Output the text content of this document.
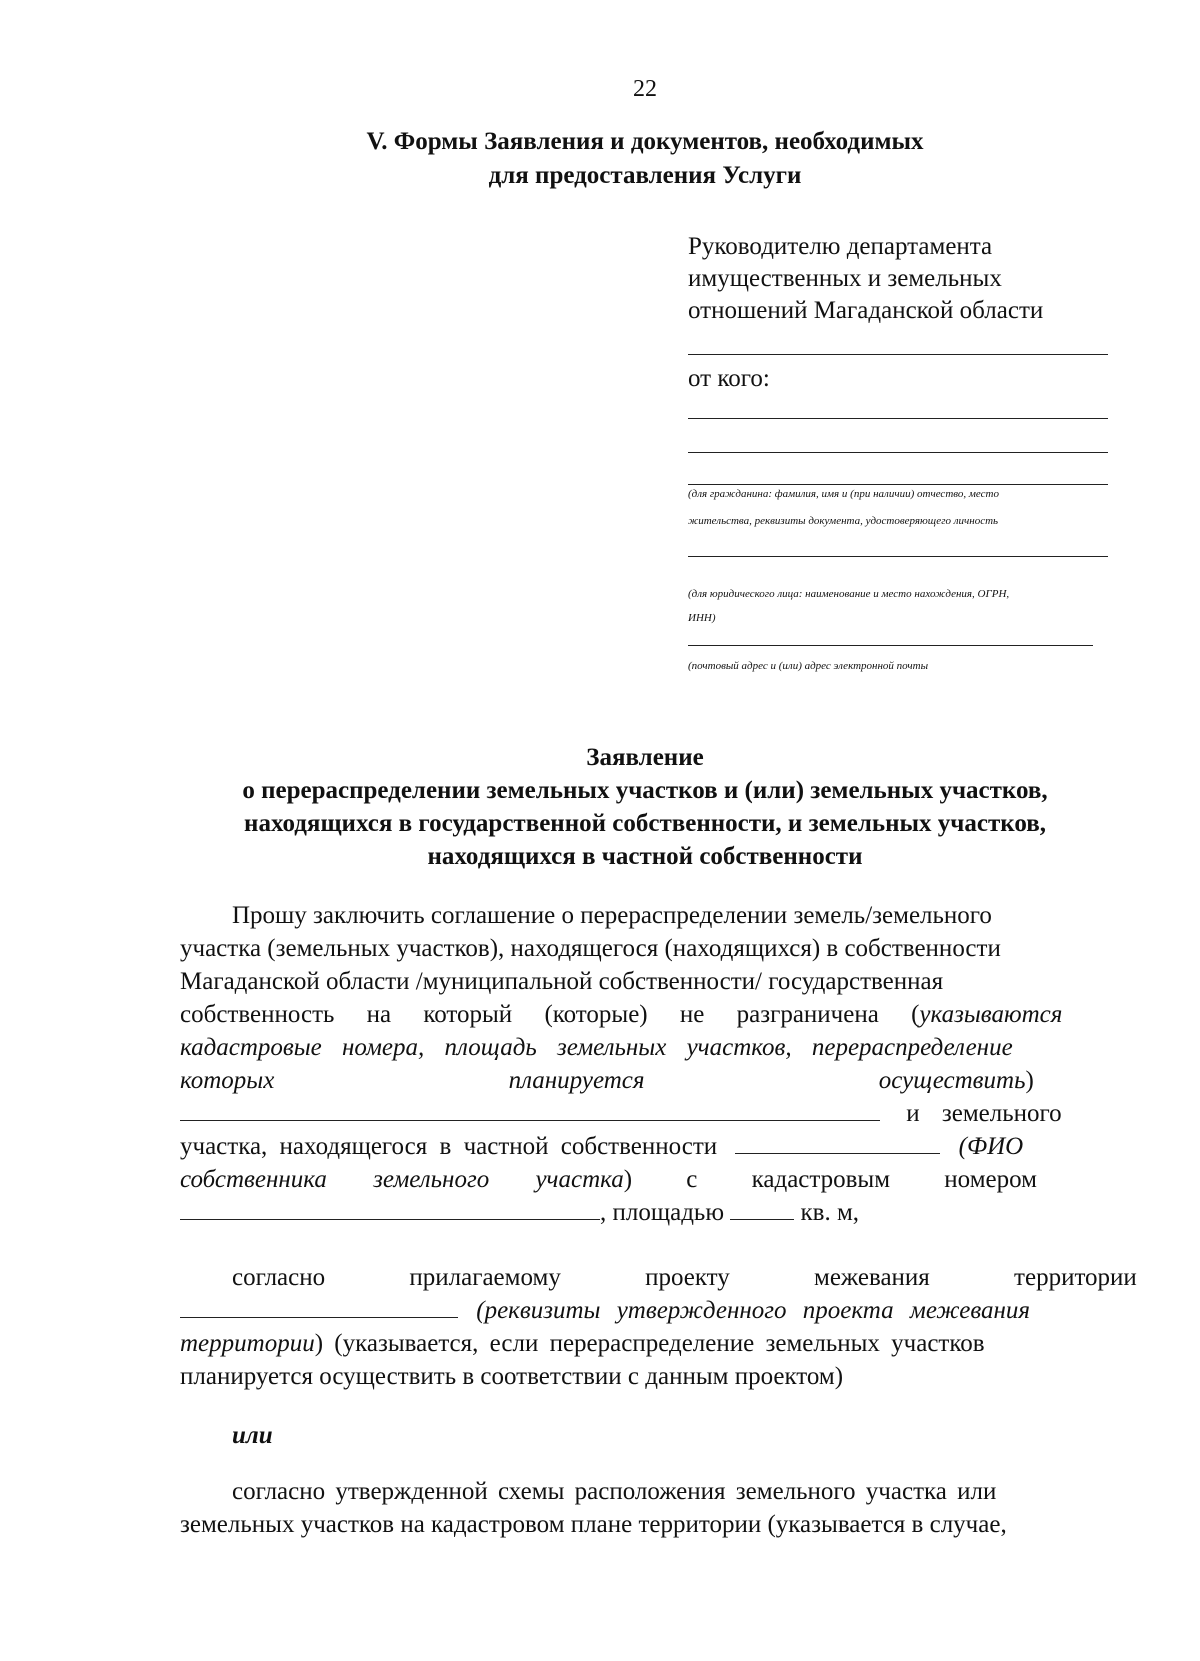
22
V. Формы Заявления и документов, необходимых
для предоставления Услуги
Руководителю департамента
имущественных и земельных
отношений Магаданской области
от кого:
(для гражданина: фамилия, имя и (при наличии) отчество, место
жительства, реквизиты документа, удостоверяющего личность
(для юридического лица: наименование и место нахождения, ОГРН,
ИНН)
(почтовый адрес и (или) адрес электронной почты
Заявление
о перераспределении земельных участков и (или) земельных участков,
находящихся в государственной собственности, и земельных участков,
находящихся в частной собственности
Прошу заключить соглашение о перераспределении земель/земельного
участка (земельных участков), находящегося (находящихся) в собственности
Магаданской области /муниципальной собственности/ государственная
собственность на который (которые) не разграничена (указываются
кадастровые номера, площадь земельных участков, перераспределение
которых планируется осуществить)
и земельного
участка, находящегося в частной собственности	(ФИО
собственника земельного участка) с кадастровым номером
, площадью	кв. м,
согласно прилагаемому проекту межевания территории
(реквизиты утвержденного проекта межевания
территории) (указывается, если перераспределение земельных участков
планируется осуществить в соответствии с данным проектом)
или
согласно утвержденной схемы расположения земельного участка или
земельных участков на кадастровом плане территории (указывается в случае,
